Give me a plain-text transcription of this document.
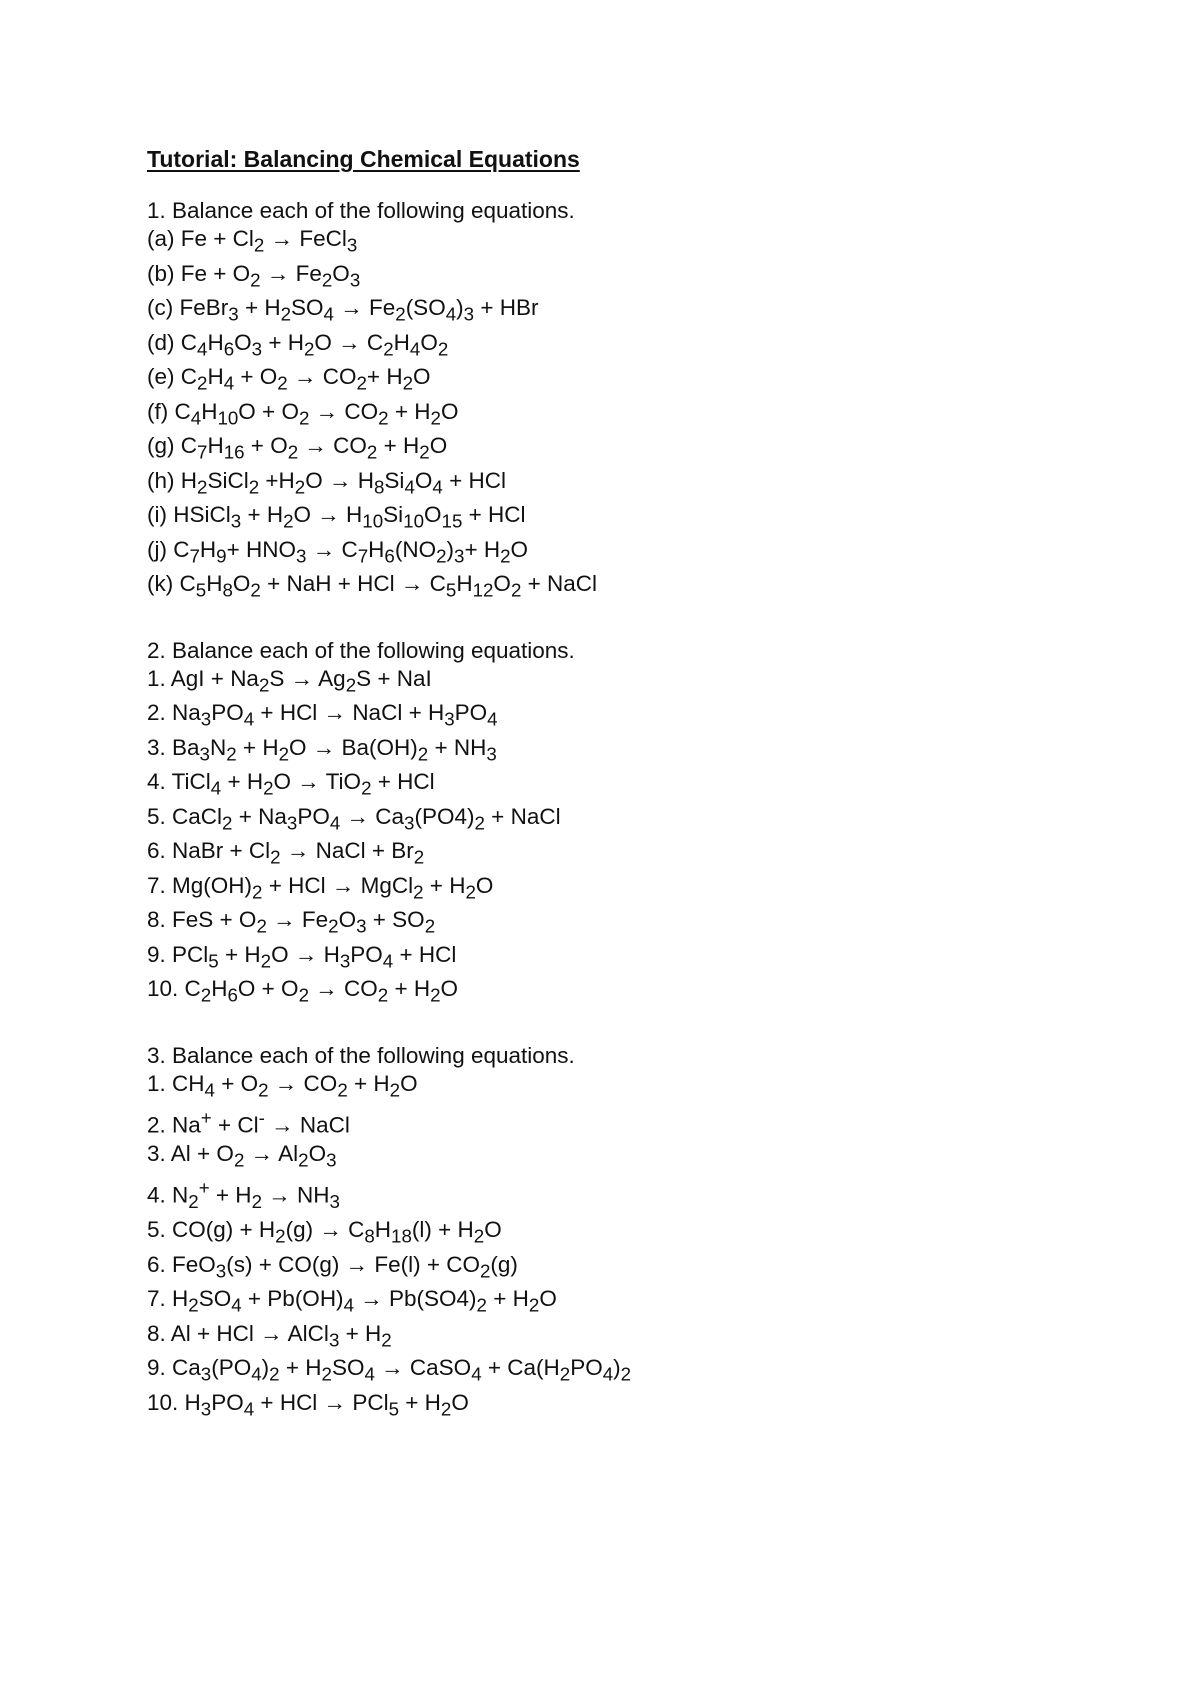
Tutorial: Balancing Chemical Equations

1. Balance each of the following equations.

(a) $Fe + Cl_2$ → FeCl$_3$
(b) $Fe + O_2 \to Fe_2O_3$
(c) FeBr$_3$ + $H_2SO_4 \to Fe_2(SO_4)_3$ + HBr
(d) $C_4H_6O_3 + H_2O \to C_2H_4O_2$
(e) $C_2H_4 + O_2 \to CO_2+ H_2O$
(f) $C_4H_{10}O + O_2 \to CO_2 + H_2O$
(g) $C_7H_{16} + O_2 \to CO_2 + H_2O$
(h) $H_2SiCl_2 +H_2O \to H_8Si_4O_4$ + HCl
(i) HSiCl$_3$ + $H_2O \to H_{10}Si_{10}O_{15}$ + HCl
(j) $C_7H_9+ HNO_3 \to C_7H_6(NO_2)_3+ H_2O$
(k) $C_5H_8O_2$ + NaH + HCl → $C_5H_{12}O_2$ + NaCl

2. Balance each of the following equations.

1. AgI + $Na_2S \to Ag_2S$ + NaI
2. $Na_3PO_4$ + HCl → NaCl + $H_3PO_4$
3. $Ba_3N_2 + H_2O \to Ba(OH)_2 + NH_3$
4. TiCl$_4$ + $H_2O \to TiO_2$ + HCl
5. CaCl$_2$ + $Na_3PO_4 \to Ca_3(PO4)_2$ + NaCl
6. NaBr + $Cl_2$ → NaCl + $Br_2$
7. $Mg(OH)_2$ + HCl → MgCl$_2$ + $H_2O$
8. FeS + $O_2 \to Fe_2O_3 + SO_2$
9. $PCl_5 + H_2O \to H_3PO_4$ + HCl
10. $C_2H_6O + O_2 \to CO_2 + H_2O$

3. Balance each of the following equations.

1. $CH_4 + O_2 \to CO_2 + H_2O$
2. Na+ + Cl- → NaCl
3. $Al + O_2 \to Al_2O_3$
4. $N_2^+ + H_2 \to NH_3$
5. $CO(g) + H_2(g) \to C_8H_{18}(l) + H_2O$
6. $FeO_3(s) + CO(g) \to Fe(l) + CO_2(g)$
7. $H_2SO_4 + Pb(OH)_4 \to Pb(SO4)_2 + H_2O$
8. Al + HCl → AlCl$_3$ + $H_2$
9. $Ca_3(PO_4)_2 + H_2SO_4$ → CaSO$_4$ + $Ca(H_2PO_4)_2$
10. $H_3PO_4$ + HCl → $PCl_5 + H_2O$
